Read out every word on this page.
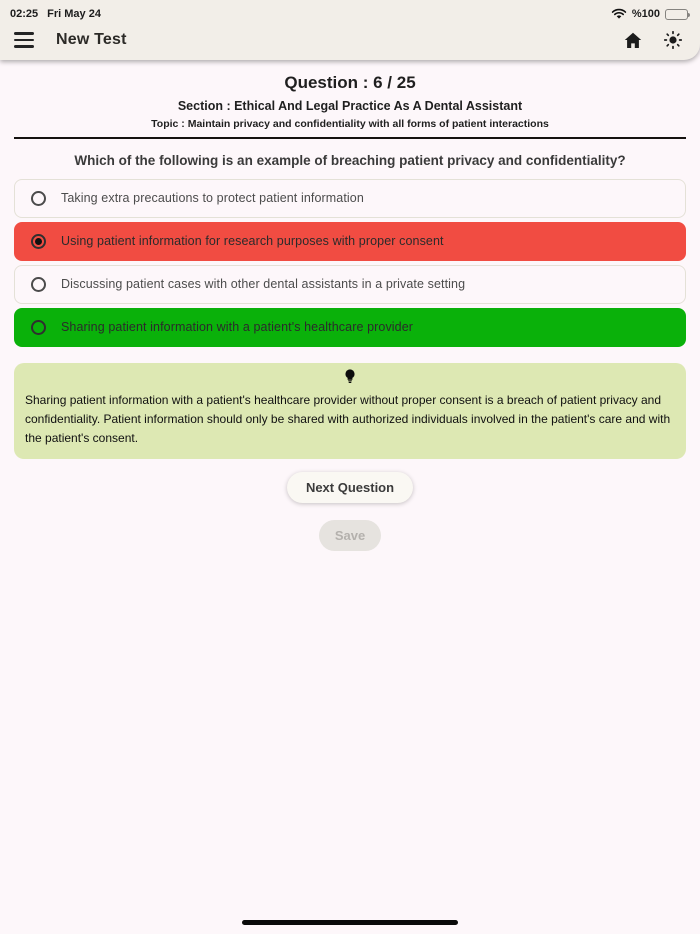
02:25 Fri May 24	%100
New Test
Question : 6 / 25
Section : Ethical And Legal Practice As A Dental Assistant
Topic : Maintain privacy and confidentiality with all forms of patient interactions
Which of the following is an example of breaching patient privacy and confidentiality?
Taking extra precautions to protect patient information
Using patient information for research purposes with proper consent
Discussing patient cases with other dental assistants in a private setting
Sharing patient information with a patient's healthcare provider
Sharing patient information with a patient's healthcare provider without proper consent is a breach of patient privacy and confidentiality. Patient information should only be shared with authorized individuals involved in the patient's care and with the patient's consent.
Next Question
Save
